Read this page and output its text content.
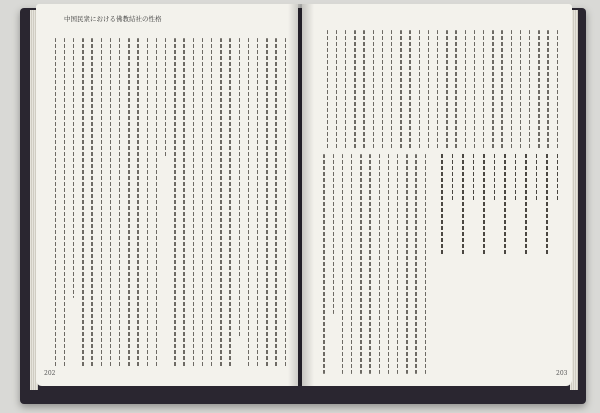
中国民衆における佛教結社の性格
202	203
